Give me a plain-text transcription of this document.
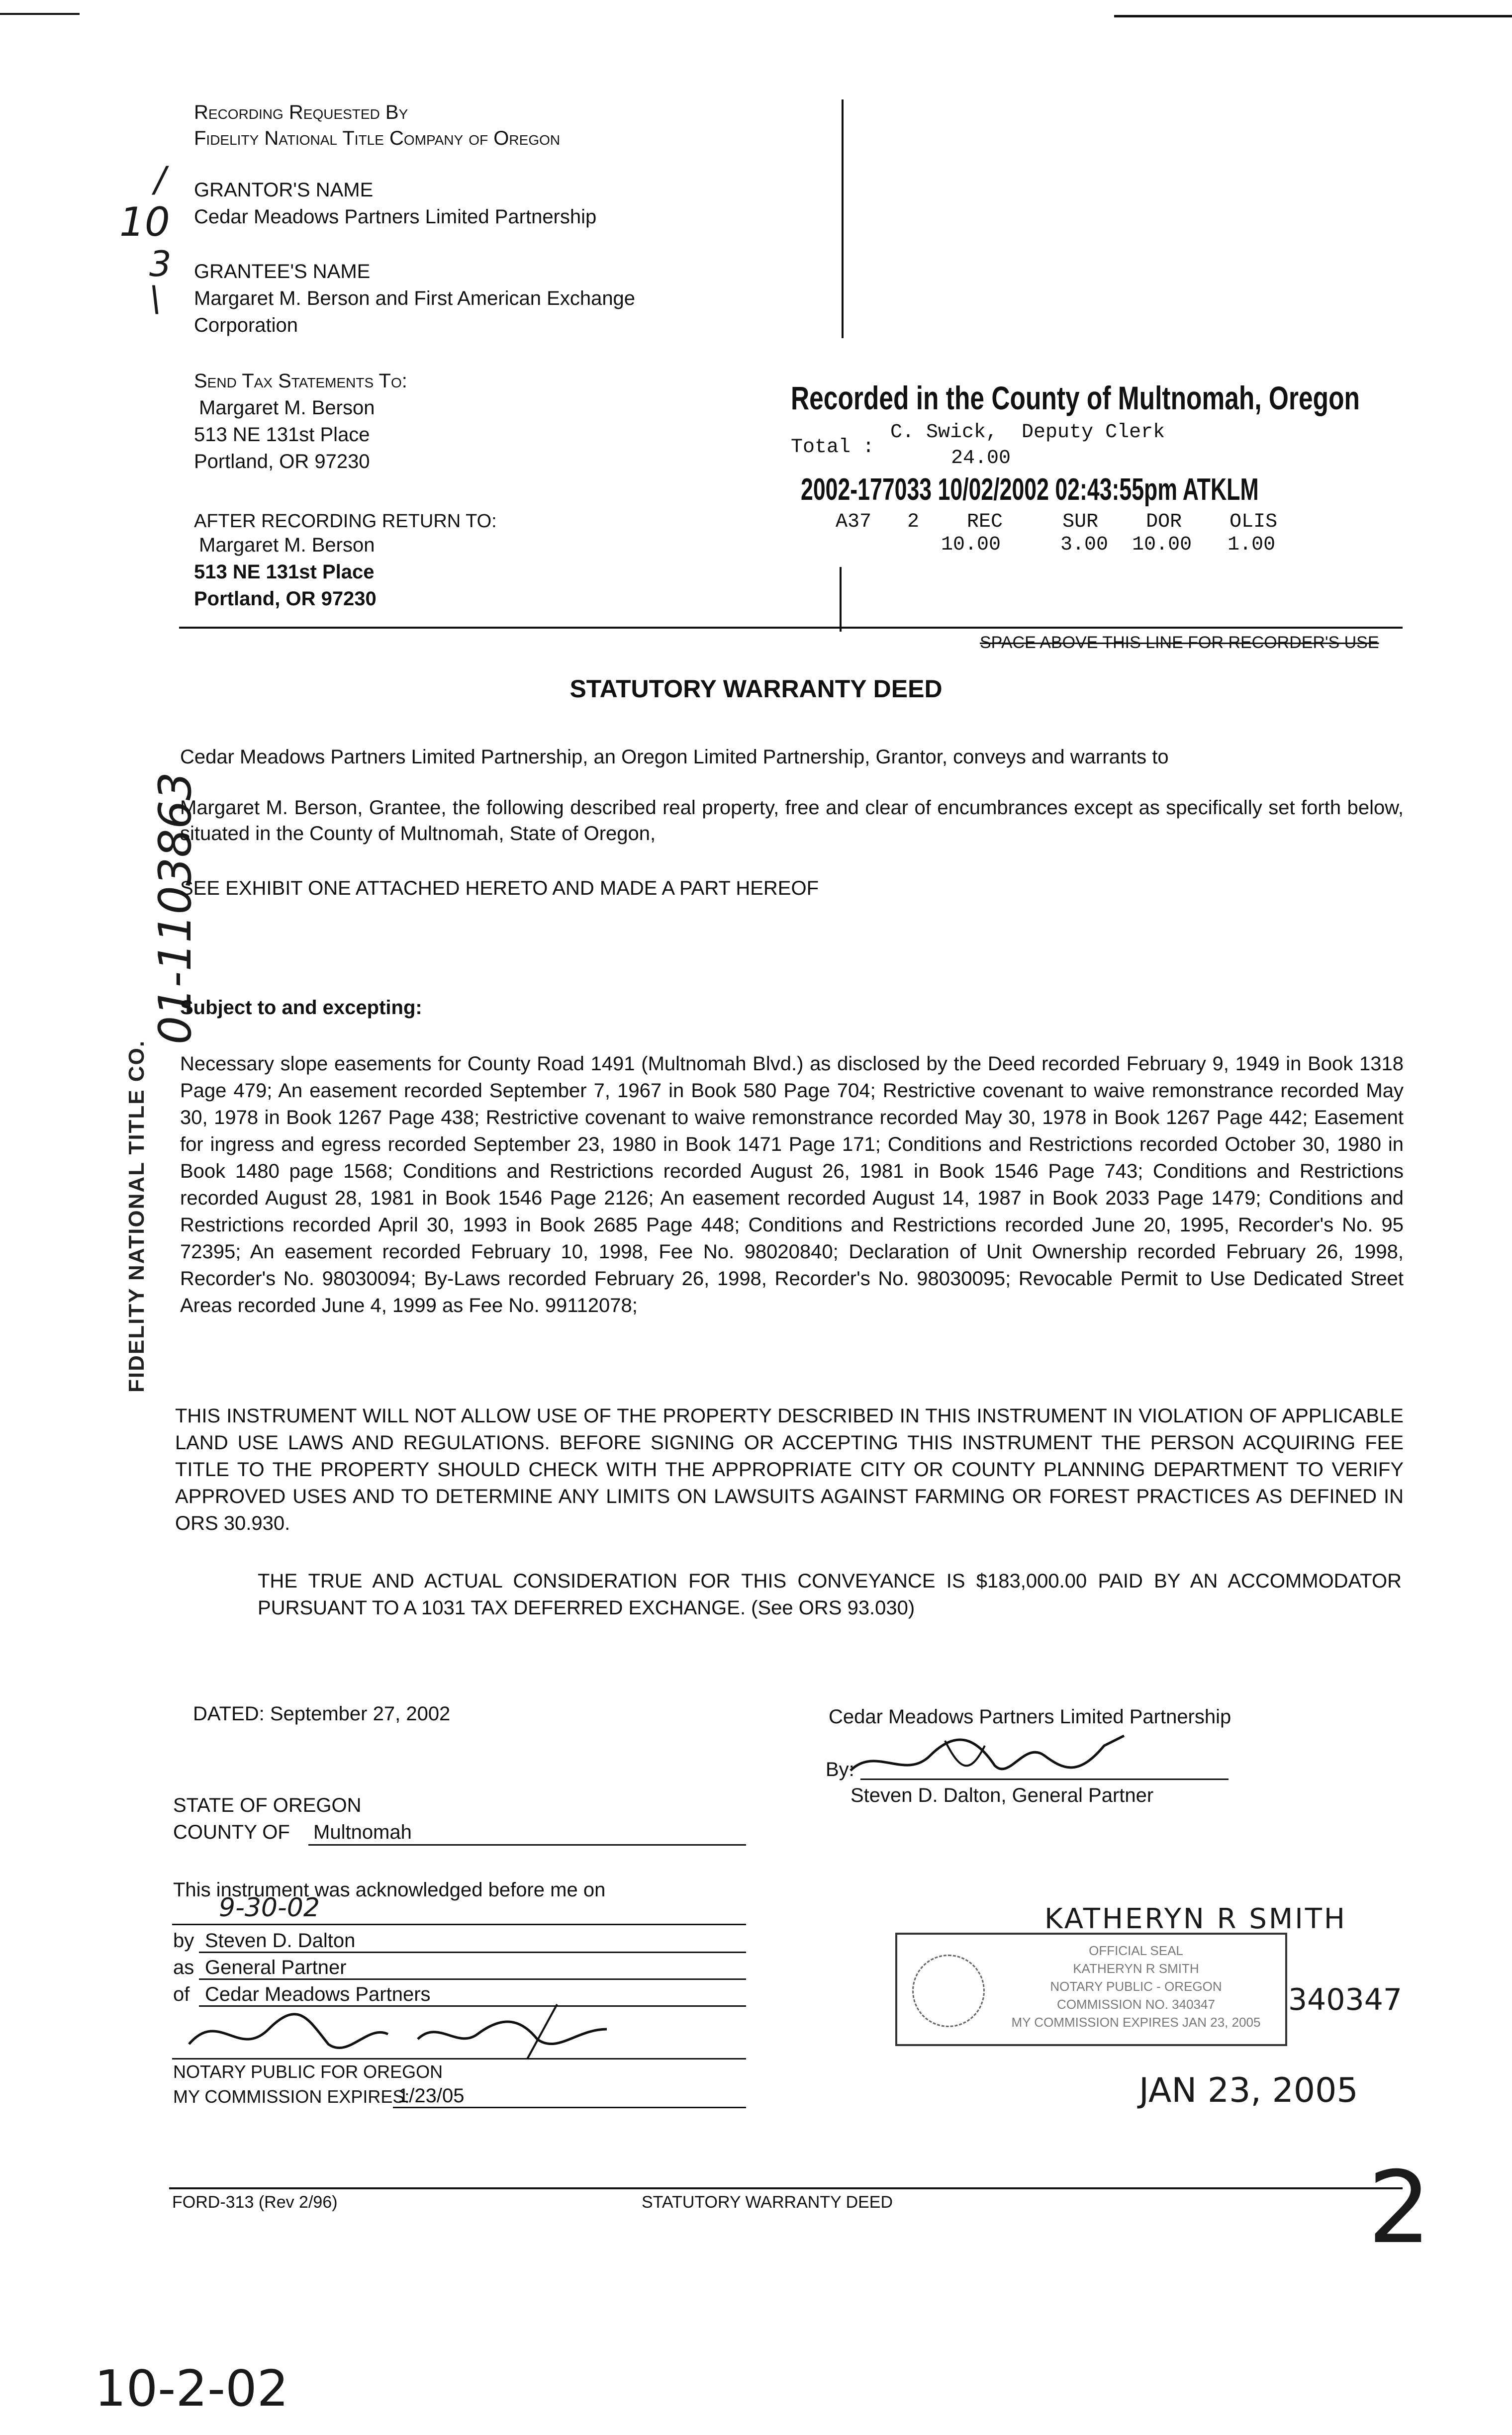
/
10
3
\
01-1103863
FIDELITY NATIONAL TITLE CO.
Recording Requested By
Fidelity National Title Company of Oregon
GRANTOR'S NAME
Cedar Meadows Partners Limited Partnership
GRANTEE'S NAME
Margaret M. Berson and First American Exchange
Corporation
Send Tax Statements To:
Margaret M. Berson
513 NE 131st Place
Portland, OR 97230
AFTER RECORDING RETURN TO:
Margaret M. Berson
513 NE 131st Place
Portland, OR 97230
Recorded in the County of Multnomah, Oregon
C. Swick,  Deputy Clerk
Total :	24.00
2002-177033 10/02/2002 02:43:55pm ATKLM
A37   2    REC     SUR    DOR    OLIS
10.00     3.00  10.00   1.00
SPACE ABOVE THIS LINE FOR RECORDER'S USE
STATUTORY WARRANTY DEED
Cedar Meadows Partners Limited Partnership, an Oregon Limited Partnership, Grantor, conveys and warrants to
Margaret M. Berson, Grantee, the following described real property, free and clear of encumbrances except as specifically set forth below, situated in the County of Multnomah, State of Oregon,
SEE EXHIBIT ONE ATTACHED HERETO AND MADE A PART HEREOF
Subject to and excepting:
Necessary slope easements for County Road 1491 (Multnomah Blvd.) as disclosed by the Deed recorded February 9, 1949 in Book 1318 Page 479; An easement recorded September 7, 1967 in Book 580 Page 704; Restrictive covenant to waive remonstrance recorded May 30, 1978 in Book 1267 Page 438; Restrictive covenant to waive remonstrance recorded May 30, 1978 in Book 1267 Page 442; Easement for ingress and egress recorded September 23, 1980 in Book 1471 Page 171; Conditions and Restrictions recorded October 30, 1980 in Book 1480 page 1568; Conditions and Restrictions recorded August 26, 1981 in Book 1546 Page 743; Conditions and Restrictions recorded August 28, 1981 in Book 1546 Page 2126; An easement recorded August 14, 1987 in Book 2033 Page 1479; Conditions and Restrictions recorded April 30, 1993 in Book 2685 Page 448; Conditions and Restrictions recorded June 20, 1995, Recorder's No. 95 72395; An easement recorded February 10, 1998, Fee No. 98020840; Declaration of Unit Ownership recorded February 26, 1998, Recorder's No. 98030094; By-Laws recorded February 26, 1998, Recorder's No. 98030095; Revocable Permit to Use Dedicated Street Areas recorded June 4, 1999 as Fee No. 99112078;
THIS INSTRUMENT WILL NOT ALLOW USE OF THE PROPERTY DESCRIBED IN THIS INSTRUMENT IN VIOLATION OF APPLICABLE LAND USE LAWS AND REGULATIONS. BEFORE SIGNING OR ACCEPTING THIS INSTRUMENT THE PERSON ACQUIRING FEE TITLE TO THE PROPERTY SHOULD CHECK WITH THE APPROPRIATE CITY OR COUNTY PLANNING DEPARTMENT TO VERIFY APPROVED USES AND TO DETERMINE ANY LIMITS ON LAWSUITS AGAINST FARMING OR FOREST PRACTICES AS DEFINED IN ORS 30.930.
THE TRUE AND ACTUAL CONSIDERATION FOR THIS CONVEYANCE IS $183,000.00 PAID BY AN ACCOMMODATOR PURSUANT TO A 1031 TAX DEFERRED EXCHANGE. (See ORS 93.030)
DATED: September 27, 2002	Cedar Meadows Partners Limited Partnership
By:
Steven D. Dalton, General Partner
STATE OF OREGON
COUNTY OF Multnomah
This instrument was acknowledged before me on
9-30-02
by Steven D. Dalton
as General Partner
of Cedar Meadows Partners
NOTARY PUBLIC FOR OREGON
MY COMMISSION EXPIRES:
1/23/05
KATHERYN R SMITH
OFFICIAL SEAL
KATHERYN R SMITH
NOTARY PUBLIC - OREGON
COMMISSION NO. 340347
MY COMMISSION EXPIRES JAN 23, 2005
340347
JAN 23, 2005
FORD-313 (Rev 2/96)	STATUTORY WARRANTY DEED	2
10-2-02
